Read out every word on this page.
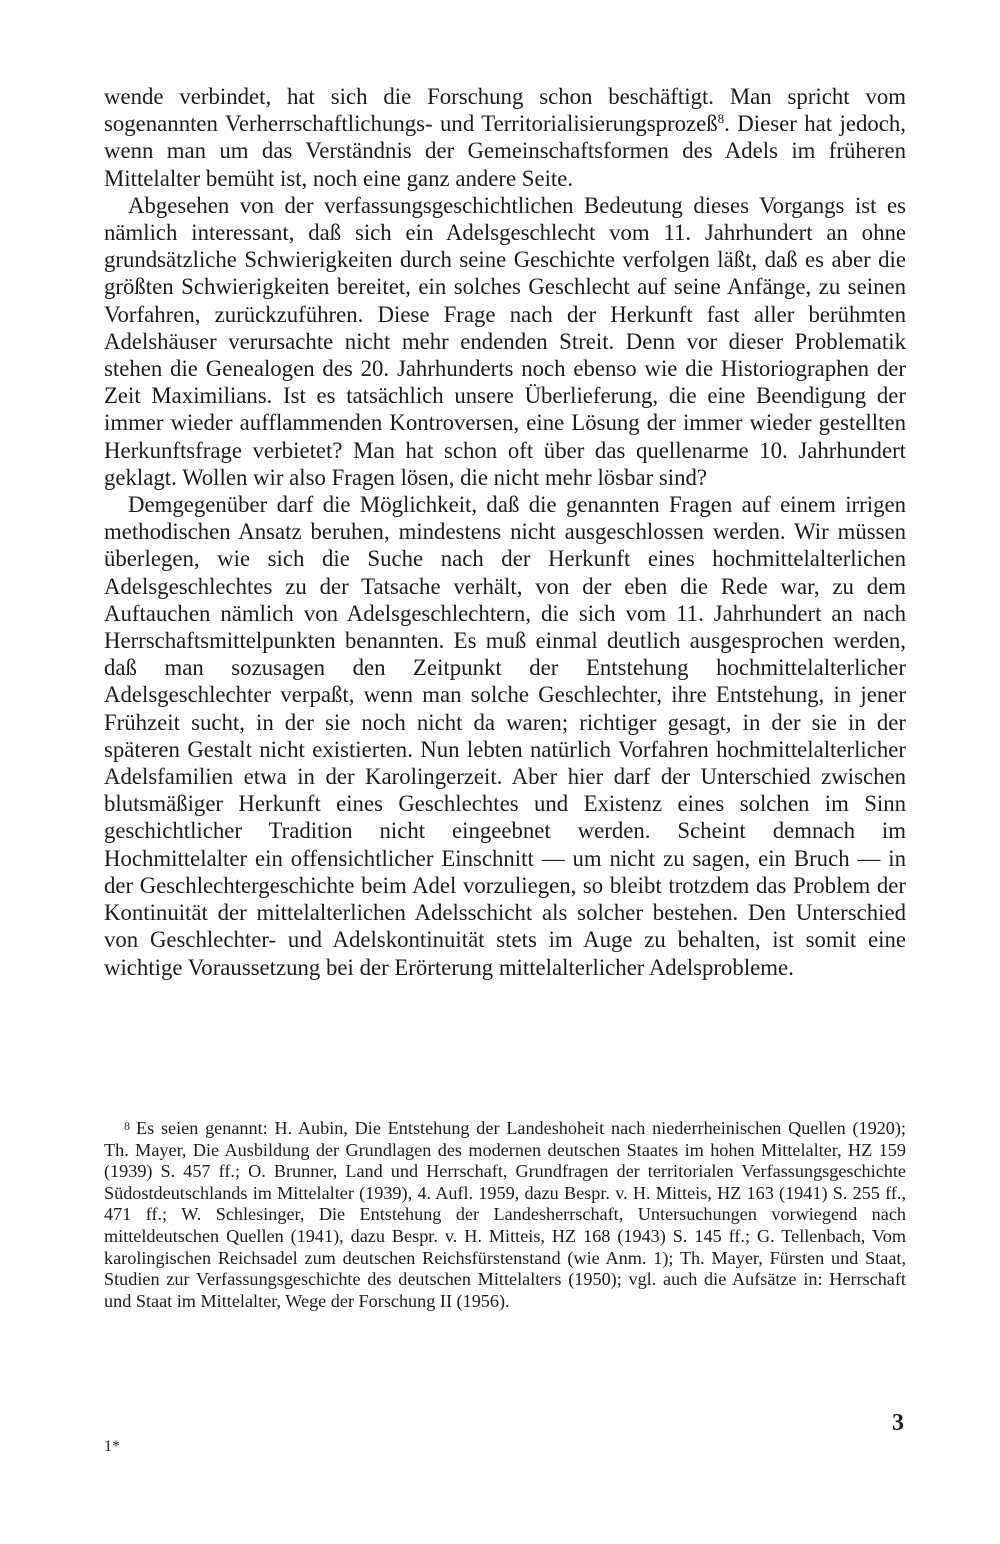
wende verbindet, hat sich die Forschung schon beschäftigt. Man spricht vom sogenannten Verherrschaftlichungs- und Territorialisierungsprozeß$^8$. Dieser hat jedoch, wenn man um das Verständnis der Gemeinschaftsformen des Adels im früheren Mittelalter bemüht ist, noch eine ganz andere Seite.

Abgesehen von der verfassungsgeschichtlichen Bedeutung dieses Vorgangs ist es nämlich interessant, daß sich ein Adelsgeschlecht vom 11. Jahrhundert an ohne grundsätzliche Schwierigkeiten durch seine Geschichte verfolgen läßt, daß es aber die größten Schwierigkeiten bereitet, ein solches Geschlecht auf seine Anfänge, zu seinen Vorfahren, zurückzuführen. Diese Frage nach der Herkunft fast aller berühmten Adelshäuser verursachte nicht mehr endenden Streit. Denn vor dieser Problematik stehen die Genealogen des 20. Jahrhunderts noch ebenso wie die Historiographen der Zeit Maximilians. Ist es tatsächlich unsere Überlieferung, die eine Beendigung der immer wieder aufflammenden Kontroversen, eine Lösung der immer wieder gestellten Herkunftsfrage verbietet? Man hat schon oft über das quellenarme 10. Jahrhundert geklagt. Wollen wir also Fragen lösen, die nicht mehr lösbar sind?

Demgegenüber darf die Möglichkeit, daß die genannten Fragen auf einem irrigen methodischen Ansatz beruhen, mindestens nicht ausgeschlossen werden. Wir müssen überlegen, wie sich die Suche nach der Herkunft eines hochmittelalterlichen Adelsgeschlechtes zu der Tatsache verhält, von der eben die Rede war, zu dem Auftauchen nämlich von Adelsgeschlechtern, die sich vom 11. Jahrhundert an nach Herrschaftsmittelpunkten benannten. Es muß einmal deutlich ausgesprochen werden, daß man sozusagen den Zeitpunkt der Entstehung hochmittelalterlicher Adelsgeschlechter verpaßt, wenn man solche Geschlechter, ihre Entstehung, in jener Frühzeit sucht, in der sie noch nicht da waren; richtiger gesagt, in der sie in der späteren Gestalt nicht existierten. Nun lebten natürlich Vorfahren hochmittelalterlicher Adelsfamilien etwa in der Karolingerzeit. Aber hier darf der Unterschied zwischen blutsmäßiger Herkunft eines Geschlechtes und Existenz eines solchen im Sinn geschichtlicher Tradition nicht eingeebnet werden. Scheint demnach im Hochmittelalter ein offensichtlicher Einschnitt — um nicht zu sagen, ein Bruch — in der Geschlechtergeschichte beim Adel vorzuliegen, so bleibt trotzdem das Problem der Kontinuität der mittelalterlichen Adelsschicht als solcher bestehen. Den Unterschied von Geschlechter- und Adelskontinuität stets im Auge zu behalten, ist somit eine wichtige Voraussetzung bei der Erörterung mittelalterlicher Adelsprobleme.

$^8$ Es seien genannt: H. Aubin, Die Entstehung der Landeshoheit nach niederrheinischen Quellen (1920); Th. Mayer, Die Ausbildung der Grundlagen des modernen deutschen Staates im hohen Mittelalter, HZ 159 (1939) S. 457 ff.; O. Brunner, Land und Herrschaft, Grundfragen der territorialen Verfassungsgeschichte Südostdeutschlands im Mittelalter (1939), 4. Aufl. 1959, dazu Bespr. v. H. Mitteis, HZ 163 (1941) S. 255 ff., 471 ff.; W. Schlesinger, Die Entstehung der Landesherrschaft, Untersuchungen vorwiegend nach mitteldeutschen Quellen (1941), dazu Bespr. v. H. Mitteis, HZ 168 (1943) S. 145 ff.; G. Tellenbach, Vom karolingischen Reichsadel zum deutschen Reichsfürstenstand (wie Anm. 1); Th. Mayer, Fürsten und Staat, Studien zur Verfassungsgeschichte des deutschen Mittelalters (1950); vgl. auch die Aufsätze in: Herrschaft und Staat im Mittelalter, Wege der Forschung II (1956).

3
1*
